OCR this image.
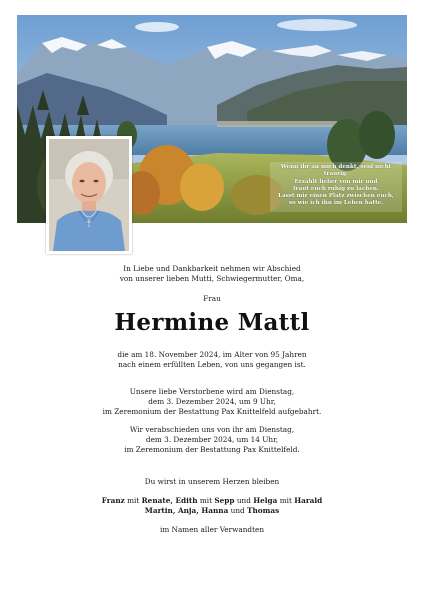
Wenn ihr an mich denkt, seid nicht
traurig.
Erzählt lieber von mir und
traut euch ruhig zu lachen.
Lasst mir einen Platz zwischen euch,
so wie ich ihn im Leben hatte.
In Liebe und Dankbarkeit nehmen wir Abschied
von unserer lieben Mutti, Schwiegermutter, Oma,
Frau
Hermine Mattl
die am 18. November 2024, im Alter von 95 Jahren
nach einem erfüllten Leben, von uns gegangen ist.
Unsere liebe Verstorbene wird am Dienstag,
dem 3. Dezember 2024, um 9 Uhr,
im Zeremonium der Bestattung Pax Knittelfeld aufgebahrt.
Wir verabschieden uns von ihr am Dienstag,
dem 3. Dezember 2024, um 14 Uhr,
im Zeremonium der Bestattung Pax Knittelfeld.
Du wirst in unserem Herzen bleiben
Franz mit Renate, Edith mit Sepp und Helga mit Harald
Martin, Anja, Hanna und Thomas
im Namen aller Verwandten
